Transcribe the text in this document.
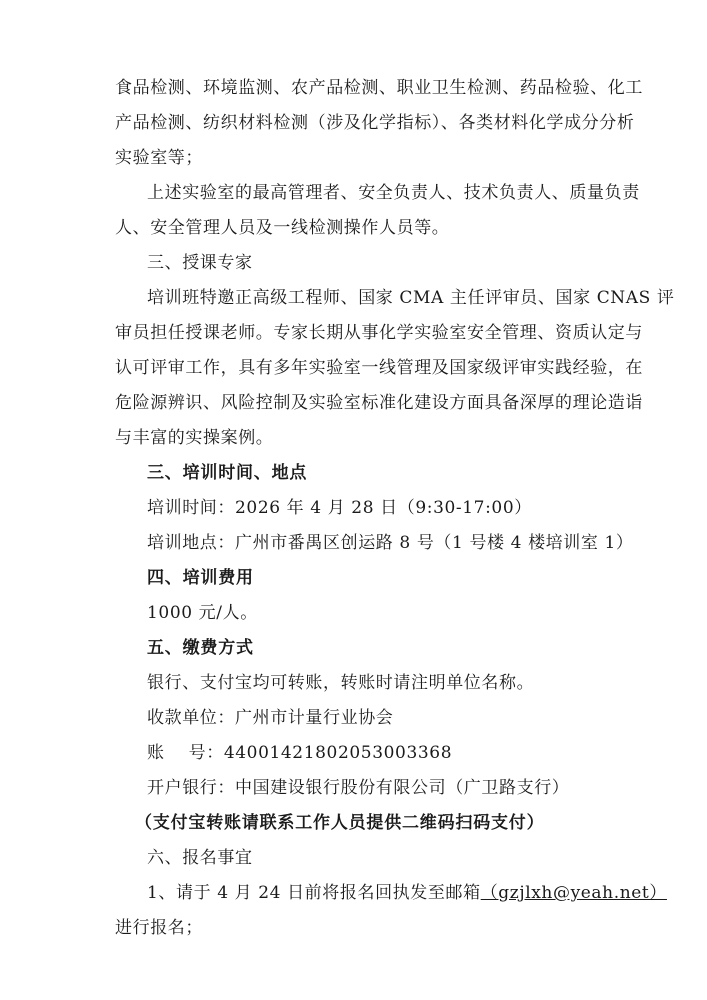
食品检测、环境监测、农产品检测、职业卫生检测、药品检验、化工
产品检测、纺织材料检测（涉及化学指标）、各类材料化学成分分析
实验室等；
上述实验室的最高管理者、安全负责人、技术负责人、质量负责
人、安全管理人员及一线检测操作人员等。
三、授课专家
培训班特邀正高级工程师、国家 CMA 主任评审员、国家 CNAS 评
审员担任授课老师。专家长期从事化学实验室安全管理、资质认定与
认可评审工作，具有多年实验室一线管理及国家级评审实践经验，在
危险源辨识、风险控制及实验室标准化建设方面具备深厚的理论造诣
与丰富的实操案例。
三、培训时间、地点
培训时间：2026 年 4 月 28 日（9:30-17:00）
培训地点：广州市番禺区创运路 8 号（1 号楼 4 楼培训室 1）
四、培训费用
1000 元/人。
五、缴费方式
银行、支付宝均可转账，转账时请注明单位名称。
收款单位：广州市计量行业协会
账    号：44001421802053003368
开户银行：中国建设银行股份有限公司（广卫路支行）
（支付宝转账请联系工作人员提供二维码扫码支付）
六、报名事宜
1、请于 4 月 24 日前将报名回执发至邮箱（gzjlxh@yeah.net）
进行报名；
